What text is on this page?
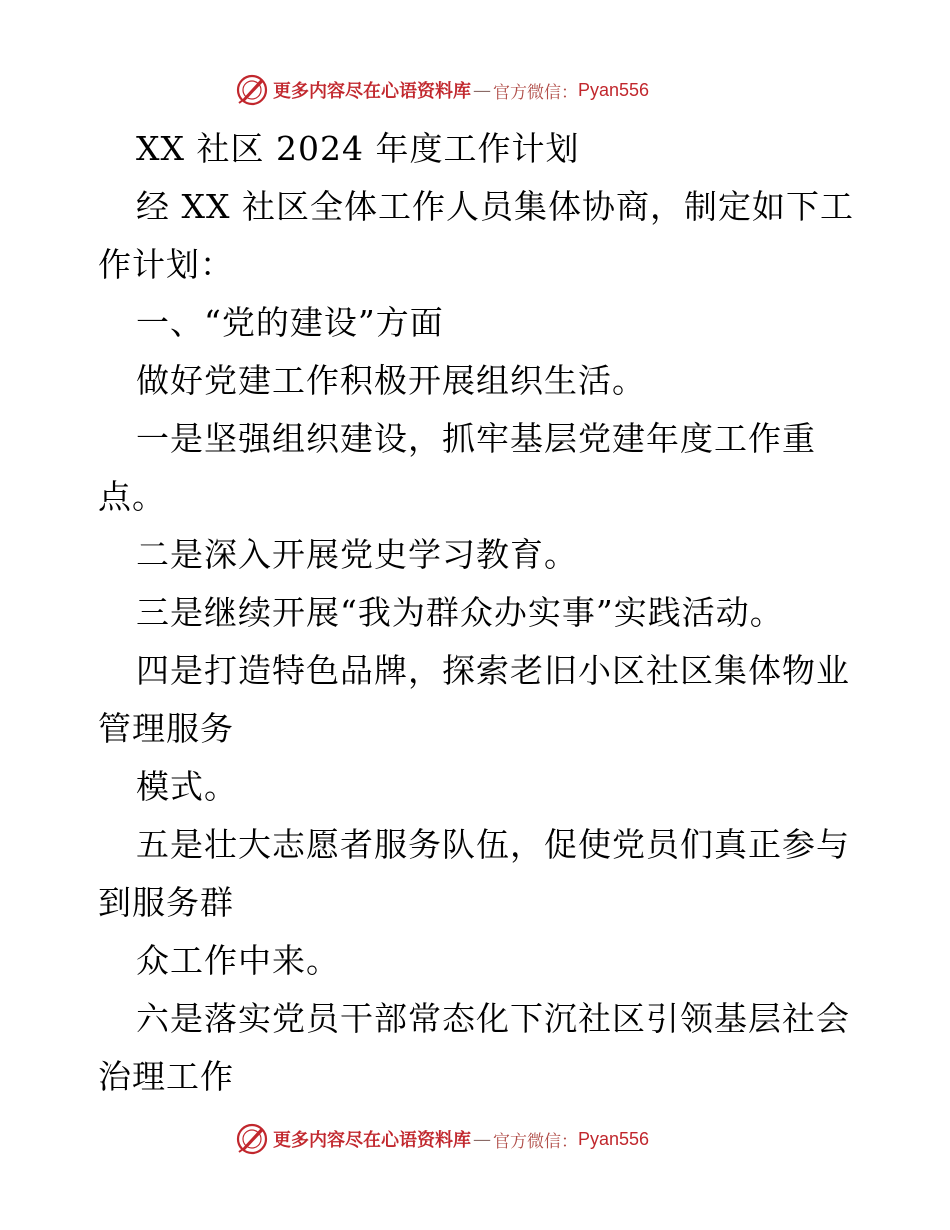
更多内容尽在心语资料库 — 官方微信： Pyan556
XX 社区 2024 年度工作计划
经 XX 社区全体工作人员集体协商，制定如下工
作计划：
一、“党的建设”方面
做好党建工作积极开展组织生活。
一是坚强组织建设，抓牢基层党建年度工作重
点。
二是深入开展党史学习教育。
三是继续开展“我为群众办实事”实践活动。
四是打造特色品牌，探索老旧小区社区集体物业
管理服务
模式。
五是壮大志愿者服务队伍，促使党员们真正参与
到服务群
众工作中来。
六是落实党员干部常态化下沉社区引领基层社会
治理工作
更多内容尽在心语资料库 — 官方微信： Pyan556
